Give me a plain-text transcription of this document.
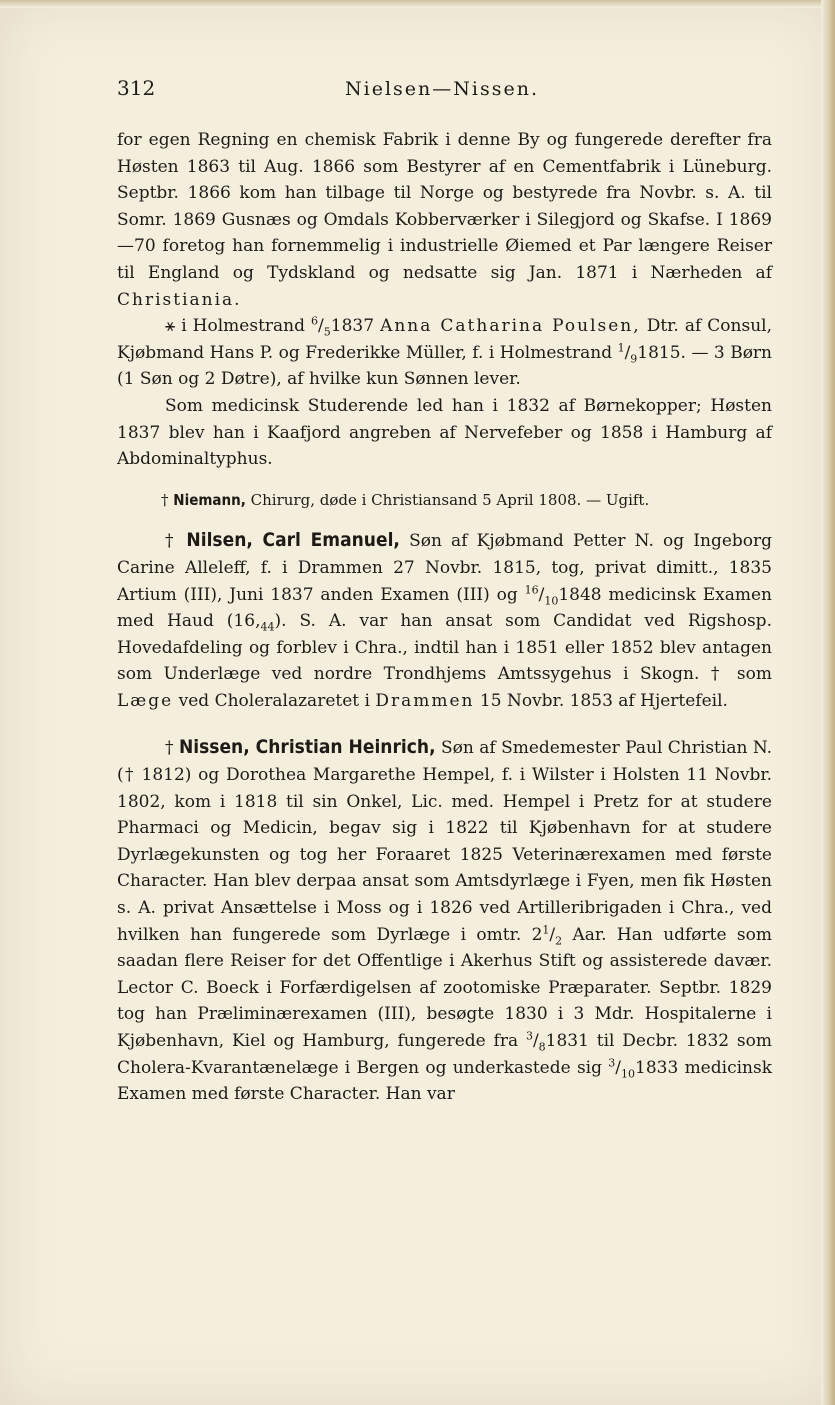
312	Nielsen—Nissen.

for egen Regning en chemisk Fabrik i denne By og fungerede derefter fra Høsten 1863 til Aug. 1866 som Bestyrer af en Cementfabrik i Lüneburg. Septbr. 1866 kom han tilbage til Norge og bestyrede fra Novbr. s. A. til Somr. 1869 Gusnæs og Omdals Kobberværker i Silegjord og Skafse. I 1869—70 foretog han fornemmelig i industrielle Øiemed et Par længere Reiser til England og Tydskland og nedsatte sig Jan. 1871 i Nærheden af Christiania.

⚹ i Holmestrand $^6/_51837$ Anna Catharina Poulsen, Dtr. af Consul, Kjøbmand Hans P. og Frederikke Müller, f. i Holmestrand $^1/_91815$. — 3 Børn (1 Søn og 2 Døtre), af hvilke kun Sønnen lever.

Som medicinsk Studerende led han i 1832 af Børnekopper; Høsten 1837 blev han i Kaafjord angreben af Nervefeber og 1858 i Hamburg af Abdominaltyphus.

† Niemann, Chirurg, døde i Christiansand 5 April 1808. — Ugift.

† Nilsen, Carl Emanuel, Søn af Kjøbmand Petter N. og Ingeborg Carine Alleleff, f. i Drammen 27 Novbr. 1815, tog, privat dimitt., 1835 Artium (III), Juni 1837 anden Examen (III) og $^{16}/_{10}1848$ medicinsk Examen med Haud $(16,_{44})$. S. A. var han ansat som Candidat ved Rigshosp. Hovedafdeling og forblev i Chra., indtil han i 1851 eller 1852 blev antagen som Underlæge ved nordre Trondhjems Amtssygehus i Skogn. † som Læge ved Choleralazaretet i Drammen 15 Novbr. 1853 af Hjertefeil.

† Nissen, Christian Heinrich, Søn af Smedemester Paul Christian N. († 1812) og Dorothea Margarethe Hempel, f. i Wilster i Holsten 11 Novbr. 1802, kom i 1818 til sin Onkel, Lic. med. Hempel i Pretz for at studere Pharmaci og Medicin, begav sig i 1822 til Kjøbenhavn for at studere Dyrlægekunsten og tog her Foraaret 1825 Veterinærexamen med første Character. Han blev derpaa ansat som Amtsdyrlæge i Fyen, men fik Høsten s. A. privat Ansættelse i Moss og i 1826 ved Artilleribrigaden i Chra., ved hvilken han fungerede som Dyrlæge i omtr. $2^1/_2$ Aar. Han udførte som saadan flere Reiser for det Offentlige i Akerhus Stift og assisterede davær. Lector C. Boeck i Forfærdigelsen af zootomiske Præparater. Septbr. 1829 tog han Præliminærexamen (III), besøgte 1830 i 3 Mdr. Hospitalerne i Kjøbenhavn, Kiel og Hamburg, fungerede fra $^3/_81831$ til Decbr. 1832 som Cholera-Kvarantænelæge i Bergen og underkastede sig $^3/_{10}1833$ medicinsk Examen med første Character. Han var
